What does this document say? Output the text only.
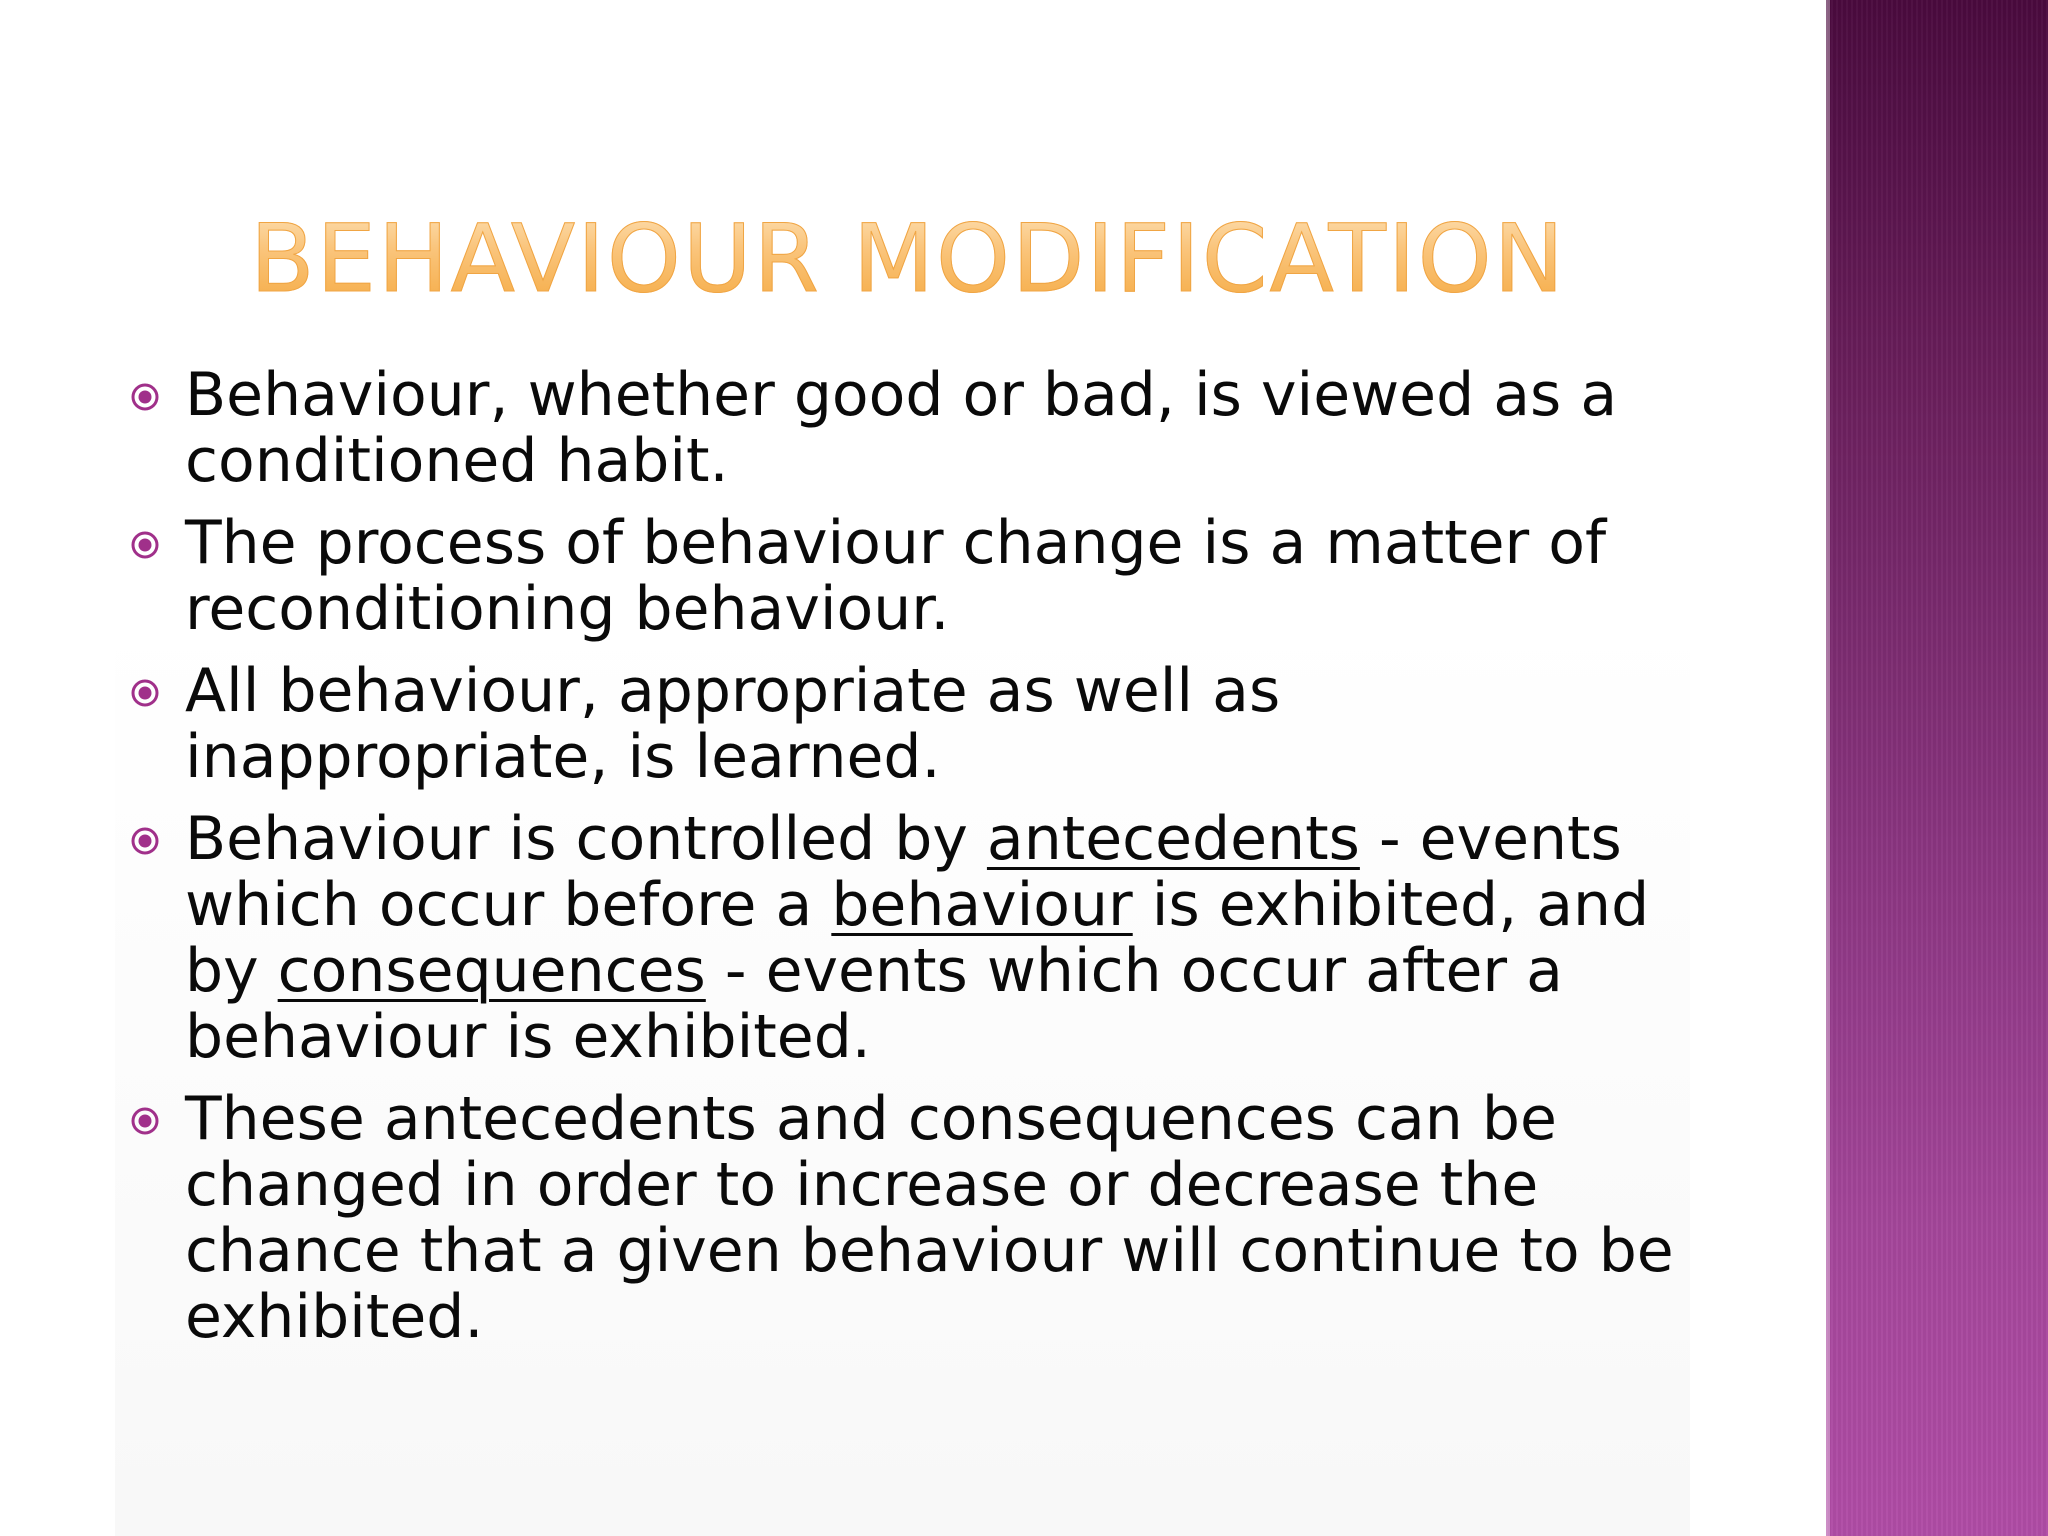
BEHAVIOUR MODIFICATION
Behaviour, whether good or bad, is viewed as a conditioned habit.
The process of behaviour change is a matter of reconditioning behaviour.
All behaviour, appropriate as well as inappropriate, is learned.
Behaviour is controlled by antecedents - events which occur before a behaviour is exhibited, and by consequences - events which occur after a behaviour is exhibited.
These antecedents and consequences can be changed in order to increase or decrease the chance that a given behaviour will continue to be exhibited.
